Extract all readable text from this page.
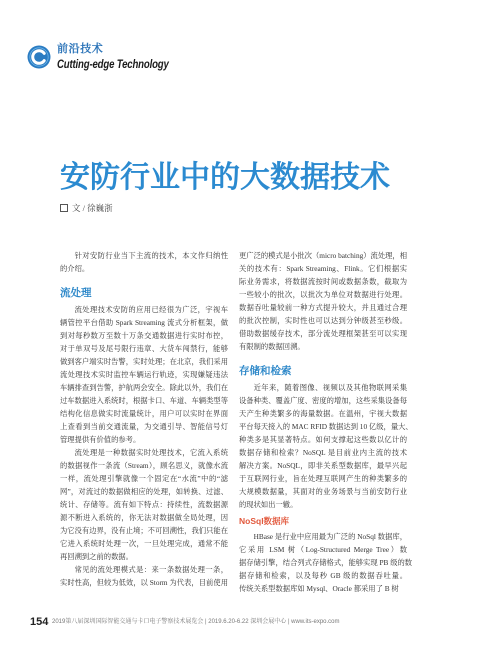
前沿技术
Cutting-edge Technology
安防行业中的大数据技术
文 / 徐巍浙
针对安防行业当下主流的技术，本文作归纳性
的介绍。
流处理
流处理技术安防的应用已经很为广泛，宇视车
辆管控平台借助 Spark Streaming 流式分析框架，做
到对每秒数万至数十万条交通数据进行实时布控，
对于单双号及尾号限行违章、大货车闯禁行，能够
做到客户端实时告警，实时处理；在北京，我们采用
流处理技术实时监控车辆运行轨迹，实现嫌疑违法
车辆排查到告警，护航两会安全。除此以外，我们在
过车数据进入系统时，根据卡口、车道、车辆类型等
结构化信息做实时流量统计，用户可以实时在界面
上查看到当前交通流量，为交通引导、智能信号灯
管理提供有价值的参考。
流处理是一种数据实时处理技术，它流入系统
的数据视作一条流（Stream），顾名思义，就像水流
一样，流处理引擎就像一个固定在“水流”中的“滤
网”，对流过的数据做相应的处理，如转换、过滤、
统计、存储等。流有如下特点：持续性，流数据源
源不断进入系统的，你无法对数据做全局处理，因
为它没有边界，没有止境；不可回溯性，我们只能在
它进入系统时处理一次，一旦处理完成，通常不能
再回溯到之前的数据。
常见的流处理模式是：来一条数据处理一条，
实时性高，但较为低效，以 Storm 为代表，目前使用
更广泛的模式是小批次（micro batching）流处理，相
关的技术有：Spark Streaming、Flink。它们根据实
际业务需求，将数据流按时间或数据条数，截取为
一些较小的批次，以批次为单位对数据进行处理。
数据吞吐量较前一种方式提升较大，并且通过合理
的批次控制，实时性也可以达到分钟级甚至秒级。
借助数据缓存技术，部分流处理框架甚至可以实现
有限制的数据回溯。
存储和检索
近年来，随着图像、视频以及其他物联网采集
设备种类、覆盖广度、密度的增加，这些采集设备每
天产生种类繁多的海量数据。在温州，宇视大数据
平台每天接入的 MAC RFID 数据达到 10 亿级，量大、
种类多是其显著特点。如何支撑起这些数以亿计的
数据存储和检索？NoSQL 是目前业内主流的技术
解决方案。NoSQL，即非关系型数据库，最早兴起
于互联网行业，旨在处理互联网产生的种类繁多的
大规模数据量，其面对的业务场景与当前安防行业
的现状如出一辙。
NoSql数据库
HBase 是行业中应用最为广泛的 NoSql 数据库，
它采用 LSM 树（Log-Structured Merge Tree）数
据存储引擎，结合列式存储格式，能够实现 PB 级的数
据存储和检索，以及每秒 GB 级的数据吞吐量。
传统关系型数据库如 Mysql、Oracle 都采用了 B 树
154 2019第八届深圳国际智能交通与卡口电子警察技术展览会 | 2019.6.20-6.22 深圳会展中心 | www.its-expo.com
